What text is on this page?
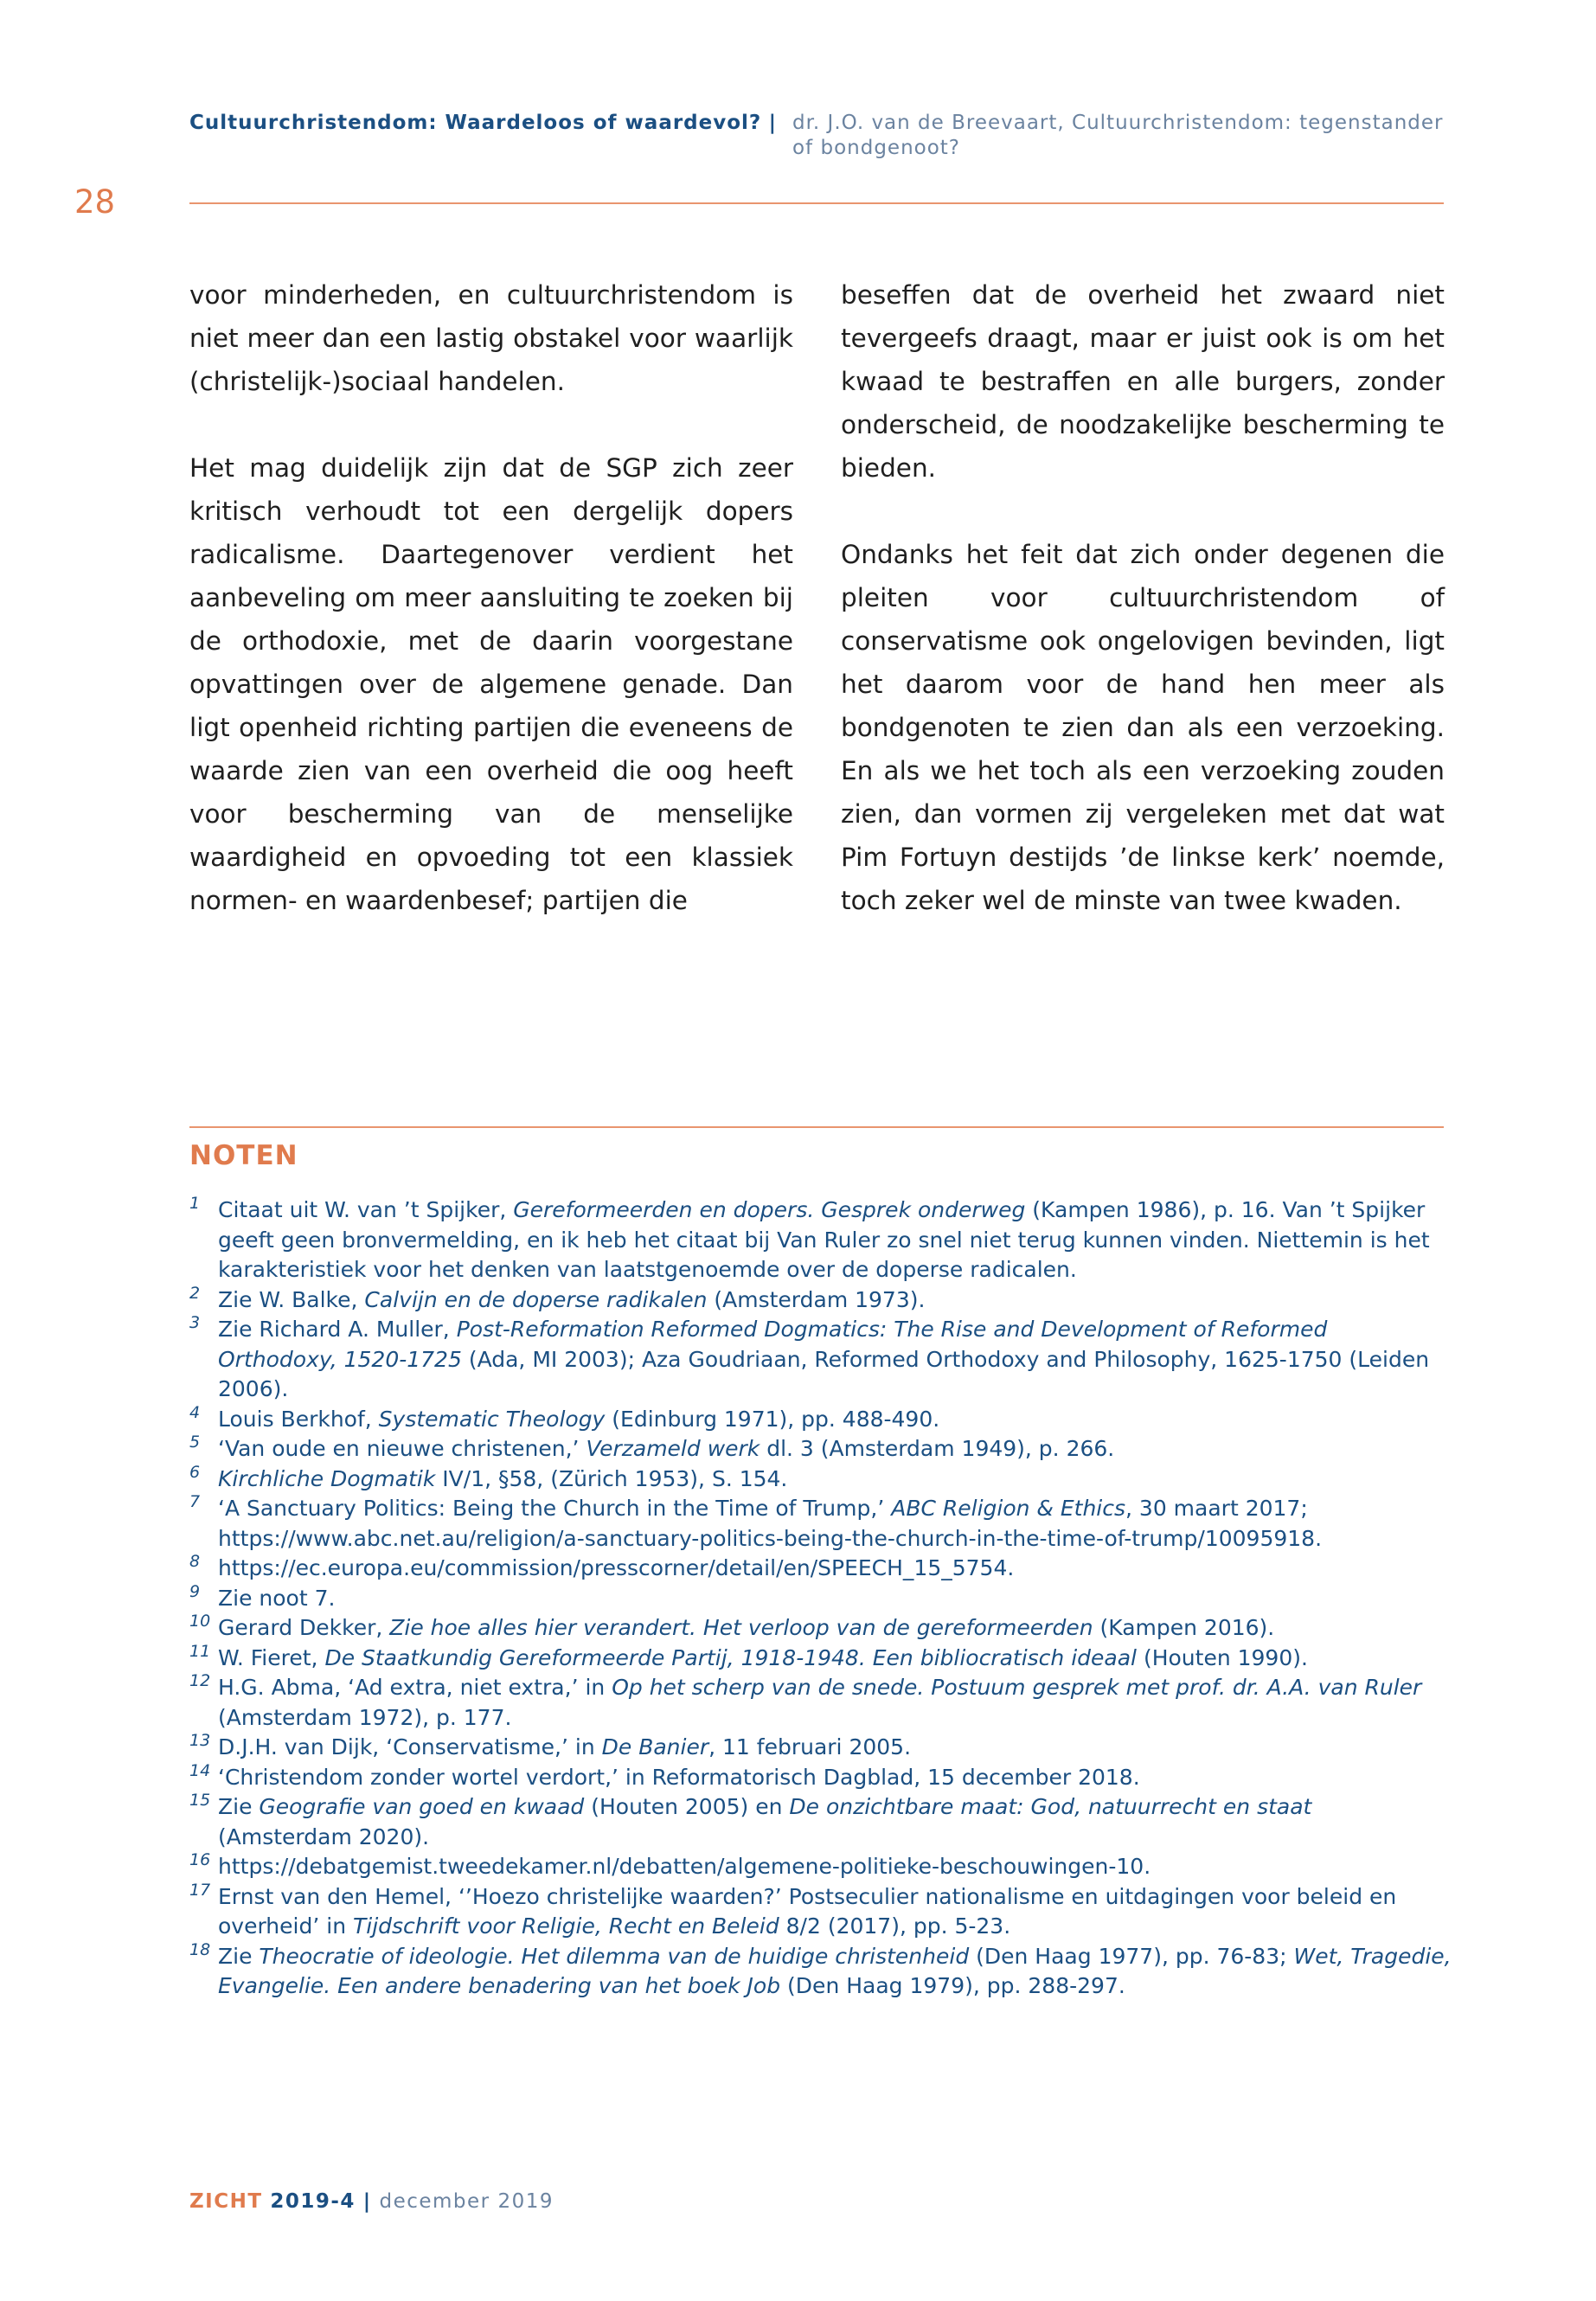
Cultuurchristendom: Waardeloos of waardevol? | dr. J.O. van de Breevaart, Cultuurchristendom: tegenstander of bondgenoot?
28

voor minderheden, en cultuurchristendom is niet meer dan een lastig obstakel voor waarlijk (christelijk-)sociaal handelen.

Het mag duidelijk zijn dat de SGP zich zeer kritisch verhoudt tot een dergelijk dopers radicalisme. Daartegenover verdient het aanbeveling om meer aansluiting te zoeken bij de orthodoxie, met de daarin voorgestane opvattingen over de algemene genade. Dan ligt openheid richting partijen die eveneens de waarde zien van een overheid die oog heeft voor bescherming van de menselijke waardigheid en opvoeding tot een klassiek normen- en waardenbesef; partijen die

beseffen dat de overheid het zwaard niet tevergeefs draagt, maar er juist ook is om het kwaad te bestraffen en alle burgers, zonder onderscheid, de noodzakelijke bescherming te bieden.

Ondanks het feit dat zich onder degenen die pleiten voor cultuurchristendom of conservatisme ook ongelovigen bevinden, ligt het daarom voor de hand hen meer als bondgenoten te zien dan als een verzoeking. En als we het toch als een verzoeking zouden zien, dan vormen zij vergeleken met dat wat Pim Fortuyn destijds ’de linkse kerk’ noemde, toch zeker wel de minste van twee kwaden.

NOTEN
1 Citaat uit W. van ’t Spijker, Gereformeerden en dopers. Gesprek onderweg (Kampen 1986), p. 16. Van ’t Spijker geeft geen bronvermelding, en ik heb het citaat bij Van Ruler zo snel niet terug kunnen vinden. Niettemin is het karakteristiek voor het denken van laatstgenoemde over de doperse radicalen.
2 Zie W. Balke, Calvijn en de doperse radikalen (Amsterdam 1973).
3 Zie Richard A. Muller, Post-Reformation Reformed Dogmatics: The Rise and Development of Reformed Orthodoxy, 1520-1725 (Ada, MI 2003); Aza Goudriaan, Reformed Orthodoxy and Philosophy, 1625-1750 (Leiden 2006).
4 Louis Berkhof, Systematic Theology (Edinburg 1971), pp. 488-490.
5 ‘Van oude en nieuwe christenen,’ Verzameld werk dl. 3 (Amsterdam 1949), p. 266.
6 Kirchliche Dogmatik IV/1, §58, (Zürich 1953), S. 154.
7 ‘A Sanctuary Politics: Being the Church in the Time of Trump,’ ABC Religion & Ethics, 30 maart 2017; https://www.abc.net.au/religion/a-sanctuary-politics-being-the-church-in-the-time-of-trump/10095918.
8 https://ec.europa.eu/commission/presscorner/detail/en/SPEECH_15_5754.
9 Zie noot 7.
10 Gerard Dekker, Zie hoe alles hier verandert. Het verloop van de gereformeerden (Kampen 2016).
11 W. Fieret, De Staatkundig Gereformeerde Partij, 1918-1948. Een bibliocratisch ideaal (Houten 1990).
12 H.G. Abma, ‘Ad extra, niet extra,’ in Op het scherp van de snede. Postuum gesprek met prof. dr. A.A. van Ruler (Amsterdam 1972), p. 177.
13 D.J.H. van Dijk, ‘Conservatisme,’ in De Banier, 11 februari 2005.
14 ‘Christendom zonder wortel verdort,’ in Reformatorisch Dagblad, 15 december 2018.
15 Zie Geografie van goed en kwaad (Houten 2005) en De onzichtbare maat: God, natuurrecht en staat (Amsterdam 2020).
16 https://debatgemist.tweedekamer.nl/debatten/algemene-politieke-beschouwingen-10.
17 Ernst van den Hemel, ‘’Hoezo christelijke waarden?’ Postseculier nationalisme en uitdagingen voor beleid en overheid’ in Tijdschrift voor Religie, Recht en Beleid 8/2 (2017), pp. 5-23.
18 Zie Theocratie of ideologie. Het dilemma van de huidige christenheid (Den Haag 1977), pp. 76-83; Wet, Tragedie, Evangelie. Een andere benadering van het boek Job (Den Haag 1979), pp. 288-297.
ZICHT 2019-4 | december 2019
